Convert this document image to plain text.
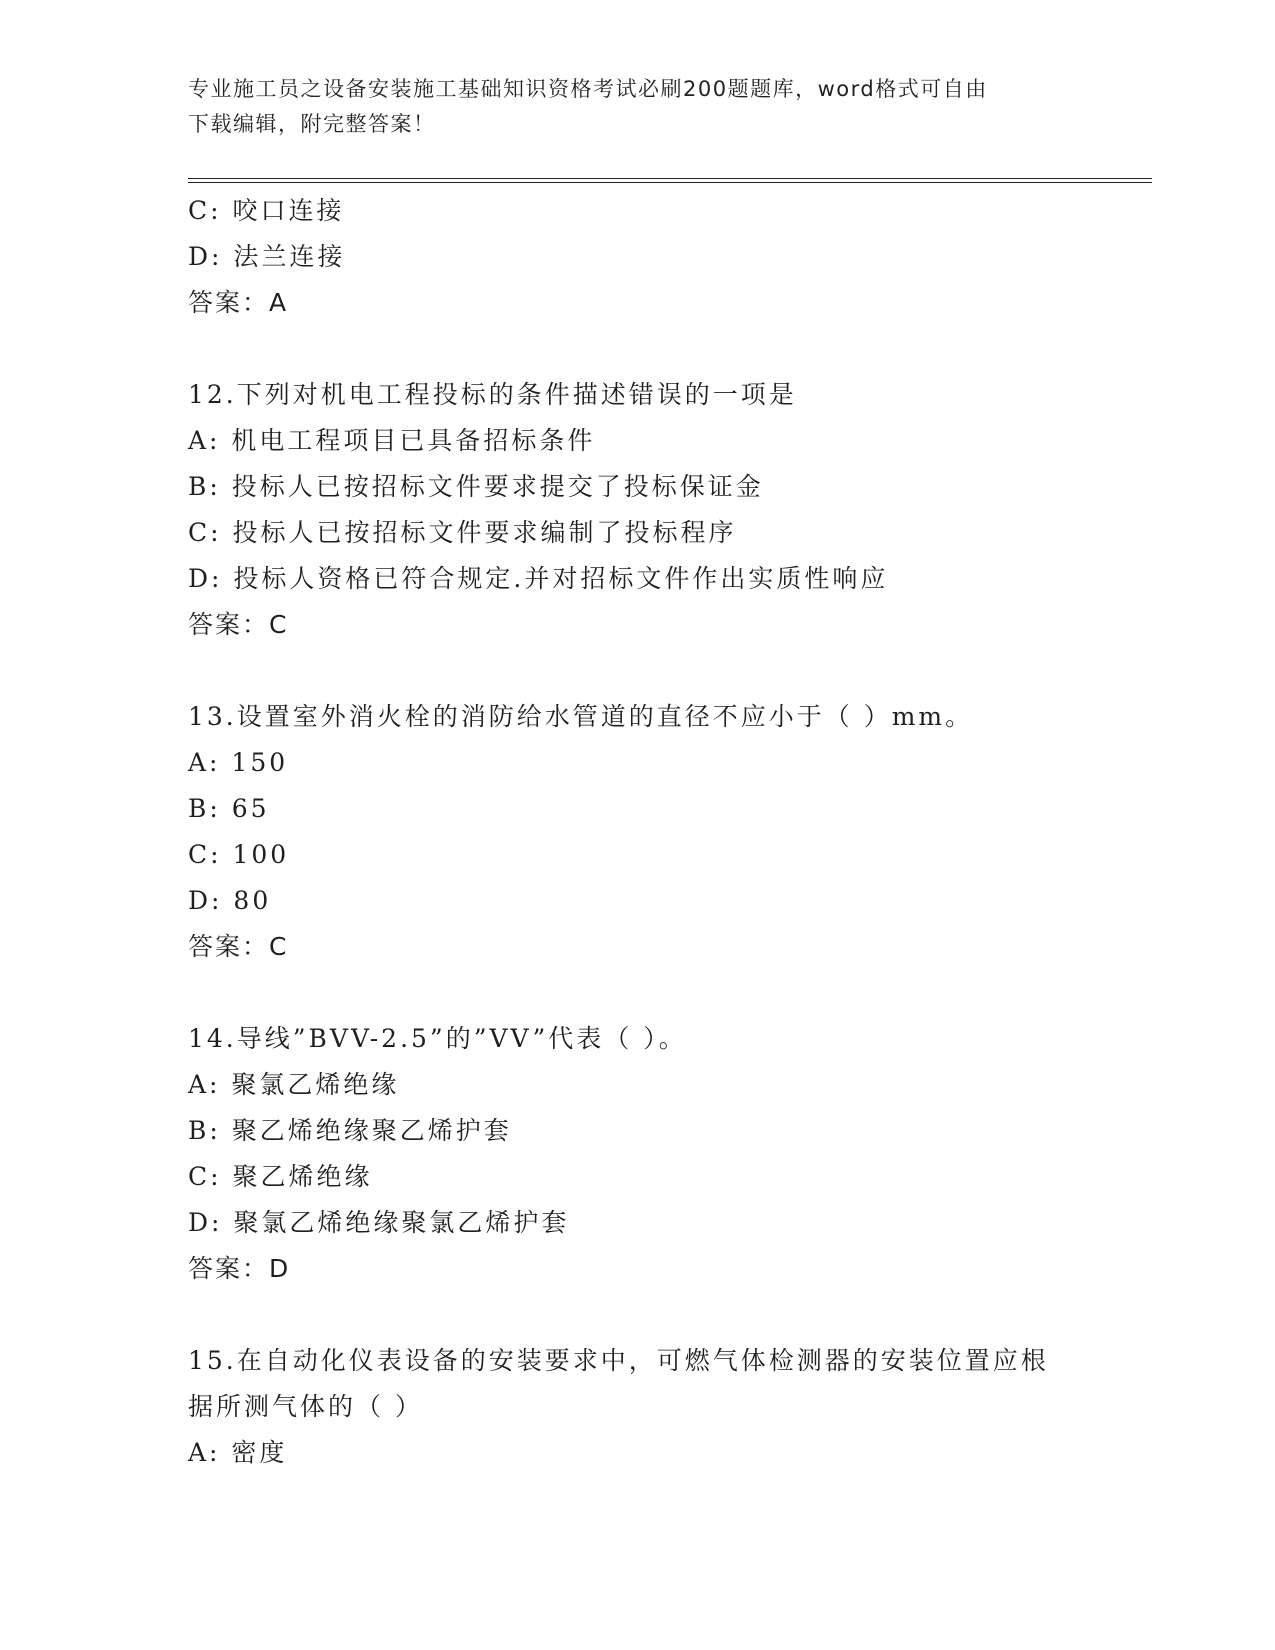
专业施工员之设备安装施工基础知识资格考试必刷200题题库，word格式可自由
下载编辑，附完整答案！
C: 咬口连接
D: 法兰连接
答案：A
12.下列对机电工程投标的条件描述错误的一项是
A: 机电工程项目已具备招标条件
B: 投标人已按招标文件要求提交了投标保证金
C: 投标人已按招标文件要求编制了投标程序
D: 投标人资格已符合规定.并对招标文件作出实质性响应
答案：C
13.设置室外消火栓的消防给水管道的直径不应小于（ ）mm。
A: 150
B: 65
C: 100
D: 80
答案：C
14.导线”BVV-2.5”的”VV”代表（ ）。
A: 聚氯乙烯绝缘
B: 聚乙烯绝缘聚乙烯护套
C: 聚乙烯绝缘
D: 聚氯乙烯绝缘聚氯乙烯护套
答案：D
15.在自动化仪表设备的安装要求中，可燃气体检测器的安装位置应根
据所测气体的（ ）
A: 密度
